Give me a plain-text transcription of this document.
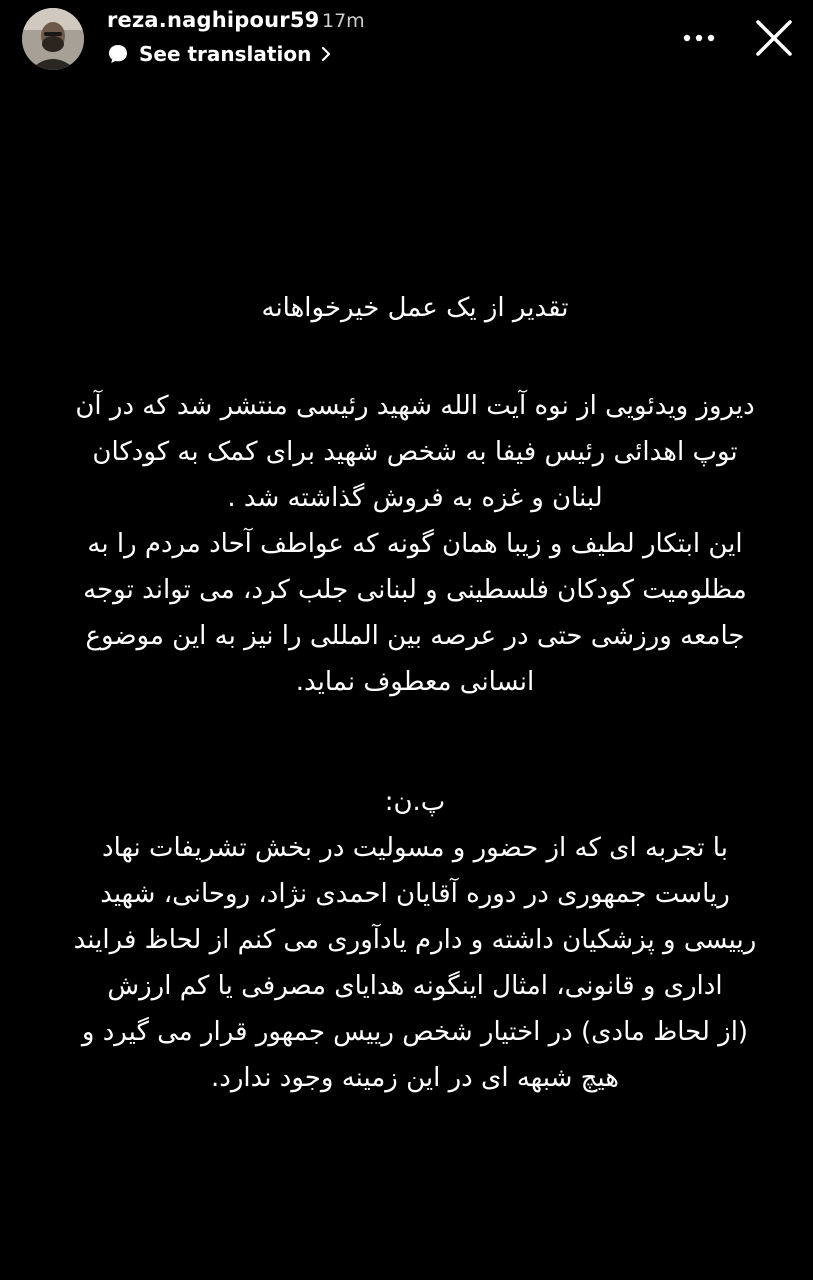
reza.naghipour59 17m
See translation

تقدیر از یک عمل خیرخواهانه

دیروز ویدئویی از نوه آیت الله شهید رئیسی منتشر شد که در آن

توپ اهدائی رئیس فیفا به شخص شهید برای کمک به کودکان

لبنان و غزه به فروش گذاشته شد .

این ابتکار لطیف و زیبا همان گونه که عواطف آحاد مردم را به

مظلومیت کودکان فلسطینی و لبنانی جلب کرد، می تواند توجه

جامعه ورزشی حتی در عرصه بین المللی را نیز به این موضوع

انسانی معطوف نماید.

پ.ن:

با تجربه ای که از حضور و مسولیت در بخش تشریفات نهاد

ریاست جمهوری در دوره آقایان احمدی نژاد، روحانی، شهید

رییسی و پزشکیان داشته و دارم یادآوری می کنم از لحاظ فرایند

اداری و قانونی، امثال اینگونه هدایای مصرفی یا کم ارزش

(از لحاظ مادی) در اختیار شخص رییس جمهور قرار می گیرد و

هیچ شبهه ای در این زمینه وجود ندارد.
